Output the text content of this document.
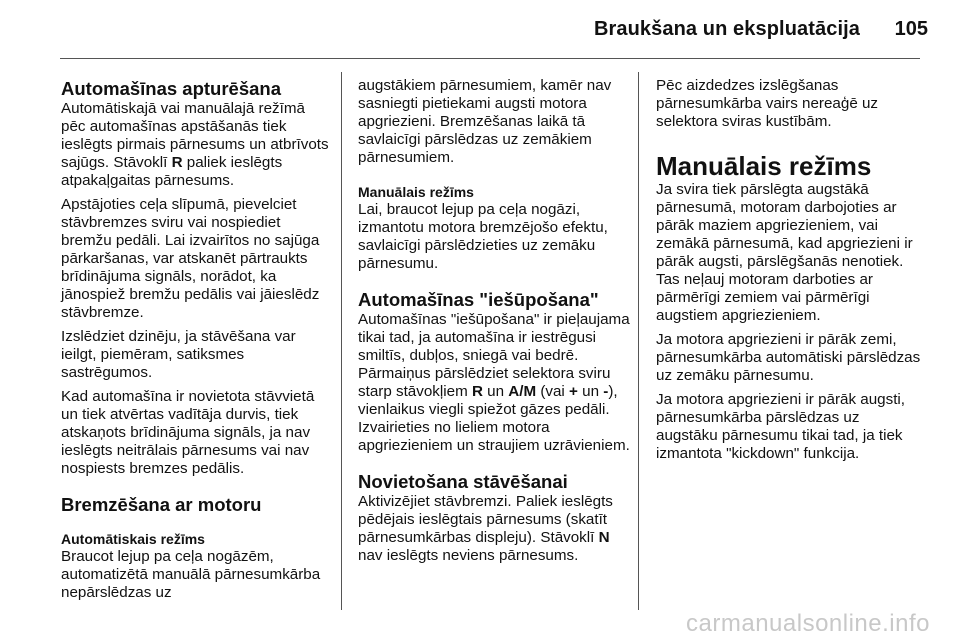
Braukšana un ekspluatācija	105
Automašīnas apturēšana

Automātiskajā vai manuālajā režīmā pēc automašīnas apstāšanās tiek ieslēgts pirmais pārnesums un atbrīvots sajūgs. Stāvoklī R paliek ieslēgts atpakaļgaitas pārnesums.

Apstājoties ceļa slīpumā, pievelciet stāvbremzes sviru vai nospiediet bremžu pedāli. Lai izvairītos no sajūga pārkaršanas, var atskanēt pārtraukts brīdinājuma signāls, norādot, ka jānospiež bremžu pedālis vai jāieslēdz stāvbremze.

Izslēdziet dzinēju, ja stāvēšana var ieilgt, piemēram, satiksmes sastrēgumos.

Kad automašīna ir novietota stāvvietā un tiek atvērtas vadītāja durvis, tiek atskaņots brīdinājuma signāls, ja nav ieslēgts neitrālais pārnesums vai nav nospiests bremzes pedālis.

Bremzēšana ar motoru
Automātiskais režīms

Braucot lejup pa ceļa nogāzēm, automatizētā manuālā pārnesumkārba nepārslēdzas uz

augstākiem pārnesumiem, kamēr nav sasniegti pietiekami augsti motora apgriezieni. Bremzēšanas laikā tā savlaicīgi pārslēdzas uz zemākiem pārnesumiem.

Manuālais režīms

Lai, braucot lejup pa ceļa nogāzi, izmantotu motora bremzējošo efektu, savlaicīgi pārslēdzieties uz zemāku pārnesumu.

Automašīnas "iešūpošana"

Automašīnas "iešūpošana" ir pieļaujama tikai tad, ja automašīna ir iestrēgusi smiltīs, dubļos, sniegā vai bedrē. Pārmaiņus pārslēdziet selektora sviru starp stāvokļiem R un A/M (vai + un -), vienlaikus viegli spiežot gāzes pedāli. Izvairieties no lieliem motora apgriezieniem un straujiem uzrāvieniem.

Novietošana stāvēšanai

Aktivizējiet stāvbremzi. Paliek ieslēgts pēdējais ieslēgtais pārnesums (skatīt pārnesumkārbas displeju). Stāvoklī N nav ieslēgts neviens pārnesums.

Pēc aizdedzes izslēgšanas pārnesumkārba vairs nereaģē uz selektora sviras kustībām.

Manuālais režīms

Ja svira tiek pārslēgta augstākā pārnesumā, motoram darbojoties ar pārāk maziem apgriezieniem, vai zemākā pārnesumā, kad apgriezieni ir pārāk augsti, pārslēgšanās nenotiek. Tas neļauj motoram darboties ar pārmērīgi zemiem vai pārmērīgi augstiem apgriezieniem.

Ja motora apgriezieni ir pārāk zemi, pārnesumkārba automātiski pārslēdzas uz zemāku pārnesumu.

Ja motora apgriezieni ir pārāk augsti, pārnesumkārba pārslēdzas uz augstāku pārnesumu tikai tad, ja tiek izmantota "kickdown" funkcija.

carmanualsonline.info
